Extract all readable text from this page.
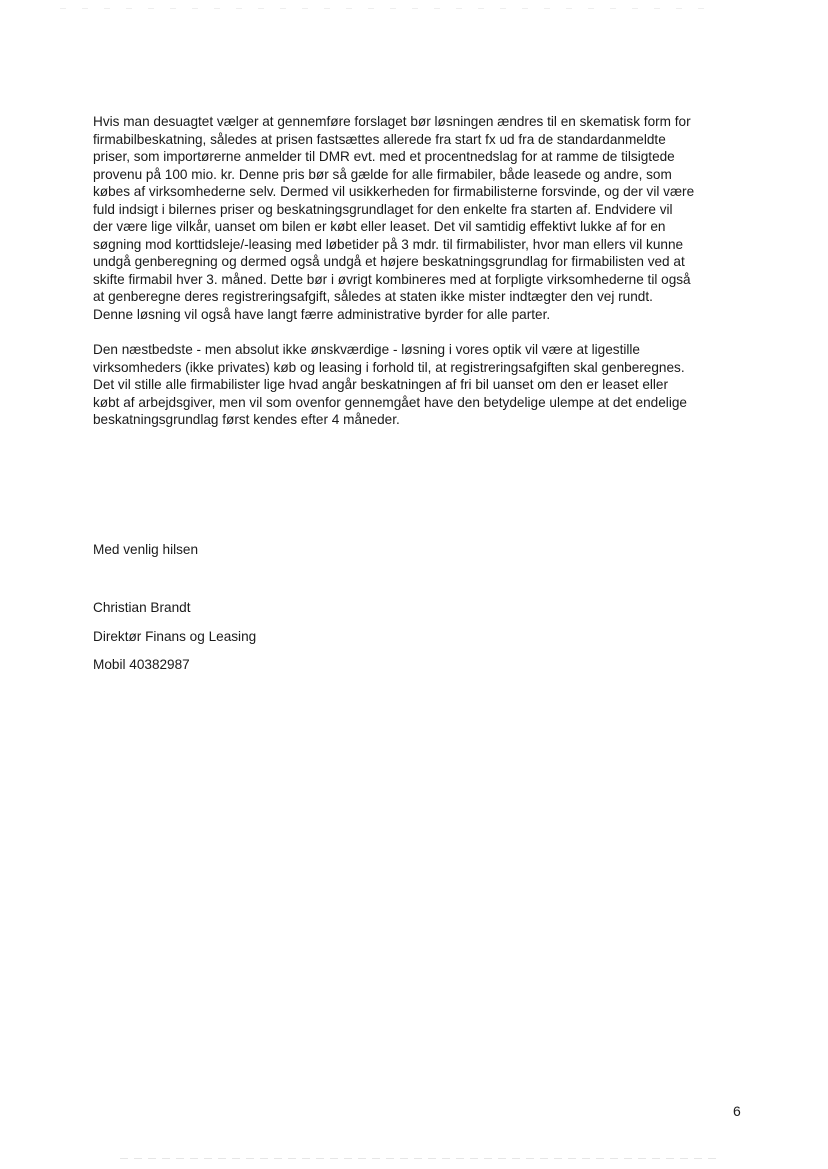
Hvis man desuagtet vælger at gennemføre forslaget bør løsningen ændres til en skematisk form for
firmabilbeskatning, således at prisen fastsættes allerede fra start fx ud fra de standardanmeldte
priser, som importørerne anmelder til DMR evt. med et procentnedslag for at ramme de tilsigtede
provenu på 100 mio. kr. Denne pris bør så gælde for alle firmabiler, både leasede og andre, som
købes af virksomhederne selv. Dermed vil usikkerheden for firmabilisterne forsvinde, og der vil være
fuld indsigt i bilernes priser og beskatningsgrundlaget for den enkelte fra starten af. Endvidere vil
der være lige vilkår, uanset om bilen er købt eller leaset. Det vil samtidig effektivt lukke af for en
søgning mod korttidsleje/-leasing med løbetider på 3 mdr. til firmabilister, hvor man ellers vil kunne
undgå genberegning og dermed også undgå et højere beskatningsgrundlag for firmabilisten ved at
skifte firmabil hver 3. måned. Dette bør i øvrigt kombineres med at forpligte virksomhederne til også
at genberegne deres registreringsafgift, således at staten ikke mister indtægter den vej rundt.
Denne løsning vil også have langt færre administrative byrder for alle parter.
Den næstbedste - men absolut ikke ønskværdige - løsning i vores optik vil være at ligestille
virksomheders (ikke privates) køb og leasing i forhold til, at registreringsafgiften skal genberegnes.
Det vil stille alle firmabilister lige hvad angår beskatningen af fri bil uanset om den er leaset eller
købt af arbejdsgiver, men vil som ovenfor gennemgået have den betydelige ulempe at det endelige
beskatningsgrundlag først kendes efter 4 måneder.

Med venlig hilsen

Christian Brandt

Direktør Finans og Leasing

Mobil 40382987

6
